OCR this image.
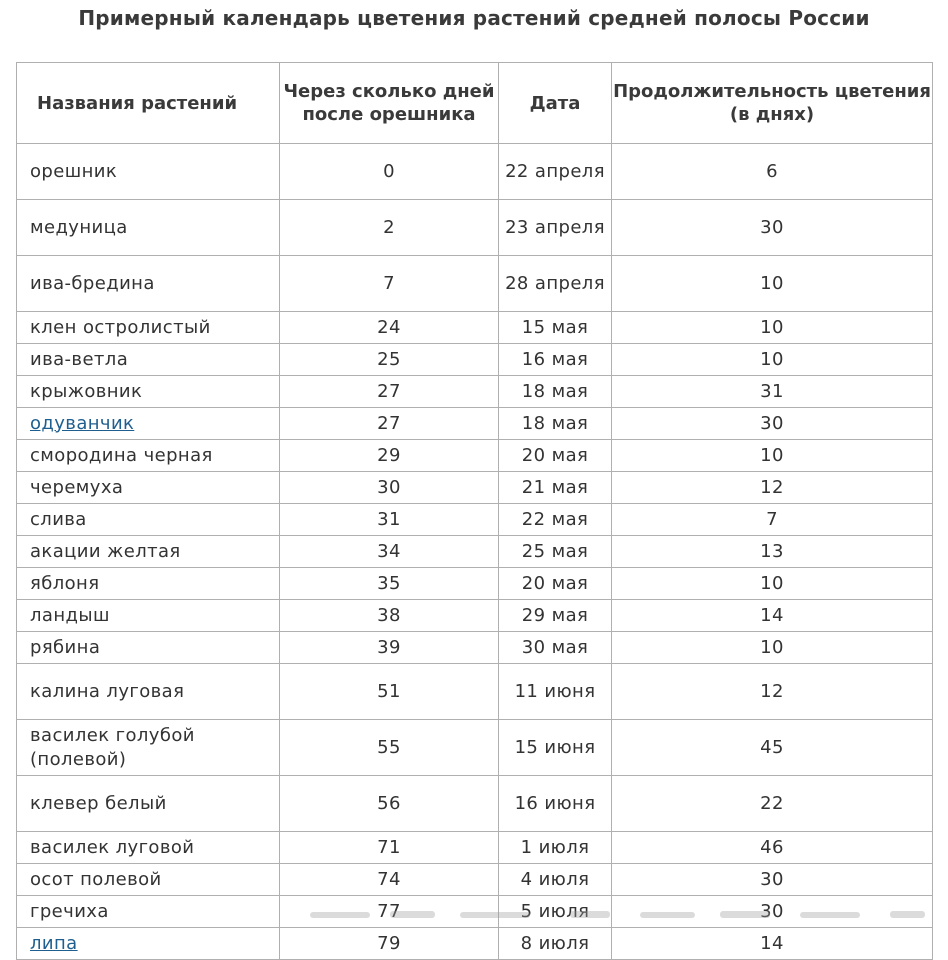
Примерный календарь цветения растений средней полосы России
Названия растений	Через сколько дней после орешника	Дата	Продолжительность цветения (в днях)
орешник	0	22 апреля	6
медуница	2	23 апреля	30
ива-бредина	7	28 апреля	10
клен остролистый	24	15 мая	10
ива-ветла	25	16 мая	10
крыжовник	27	18 мая	31
одуванчик	27	18 мая	30
смородина черная	29	20 мая	10
черемуха	30	21 мая	12
слива	31	22 мая	7
акации желтая	34	25 мая	13
яблоня	35	20 мая	10
ландыш	38	29 мая	14
рябина	39	30 мая	10
калина луговая	51	11 июня	12
василек голубой (полевой)	55	15 июня	45
клевер белый	56	16 июня	22
василек луговой	71	1 июля	46
осот полевой	74	4 июля	30
гречиха	77	5 июля	30
липа	79	8 июля	14
